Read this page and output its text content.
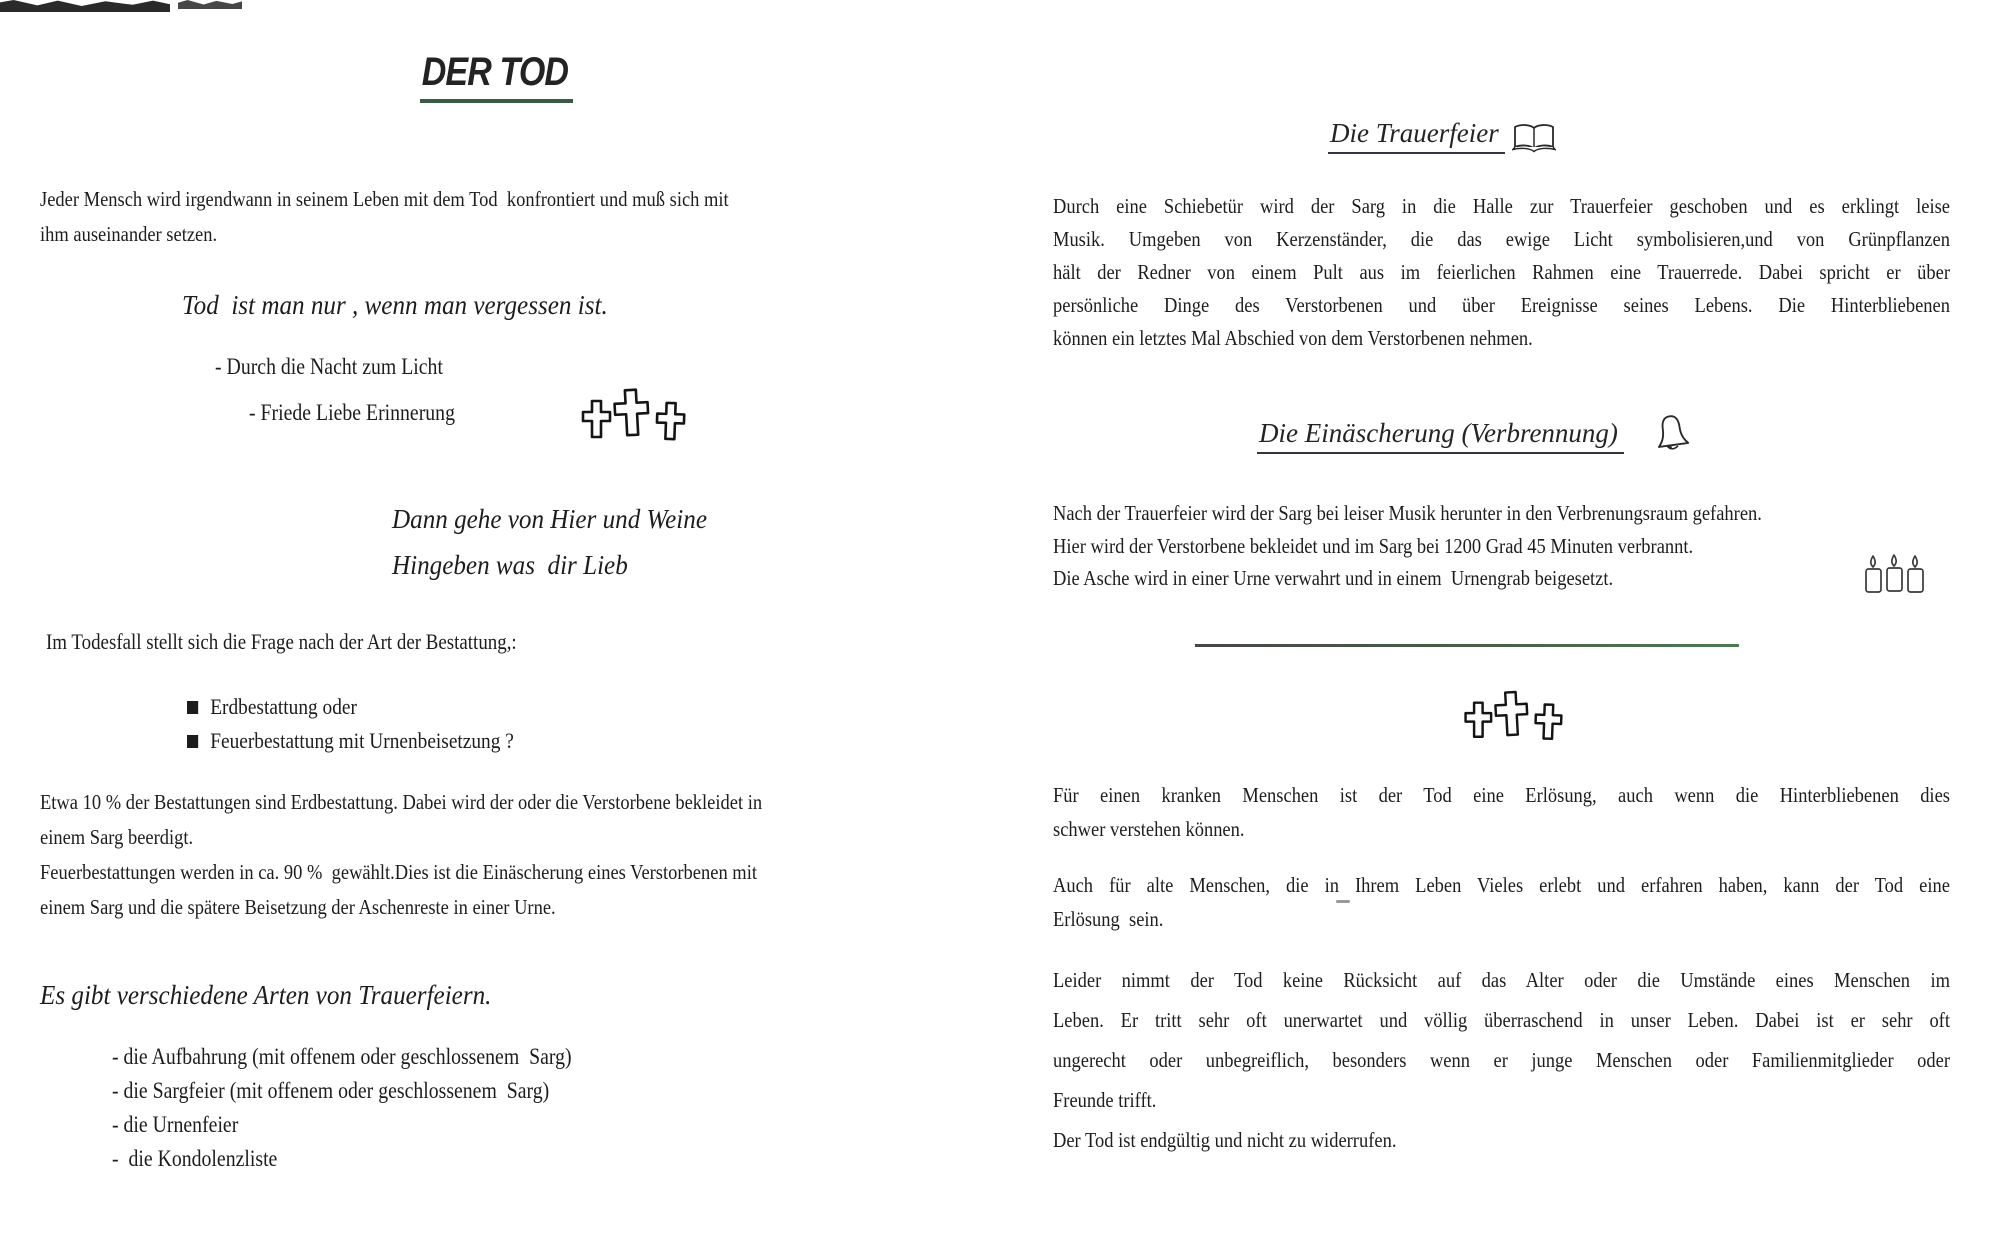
DER TOD
Jeder Mensch wird irgendwann in seinem Leben mit dem Tod  konfrontiert und muß sich mit
ihm auseinander setzen.
Tod  ist man nur , wenn man vergessen ist.
- Durch die Nacht zum Licht
- Friede Liebe Erinnerung
Dann gehe von Hier und Weine
Hingeben was  dir Lieb
Im Todesfall stellt sich die Frage nach der Art der Bestattung,:
Erdbestattung oder
Feuerbestattung mit Urnenbeisetzung ?
Etwa 10 % der Bestattungen sind Erdbestattung. Dabei wird der oder die Verstorbene bekleidet in
einem Sarg beerdigt.
Feuerbestattungen werden in ca. 90 %  gewählt.Dies ist die Einäscherung eines Verstorbenen mit
einem Sarg und die spätere Beisetzung der Aschenreste in einer Urne.
Es gibt verschiedene Arten von Trauerfeiern.
- die Aufbahrung (mit offenem oder geschlossenem  Sarg)
- die Sargfeier (mit offenem oder geschlossenem  Sarg)
- die Urnenfeier
-  die Kondolenzliste
Die Trauerfeier
Durch eine Schiebetür wird der Sarg in die Halle zur Trauerfeier geschoben und es erklingt leise
Musik. Umgeben von Kerzenständer, die das ewige Licht symbolisieren,und von Grünpflanzen
hält der Redner von einem Pult aus im feierlichen Rahmen eine Trauerrede. Dabei spricht er über
persönliche Dinge des Verstorbenen und über Ereignisse seines Lebens. Die Hinterbliebenen
können ein letztes Mal Abschied von dem Verstorbenen nehmen.
Die Einäscherung (Verbrennung)
Nach der Trauerfeier wird der Sarg bei leiser Musik herunter in den Verbrenungsraum gefahren.
Hier wird der Verstorbene bekleidet und im Sarg bei 1200 Grad 45 Minuten verbrannt.
Die Asche wird in einer Urne verwahrt und in einem  Urnengrab beigesetzt.
Für einen kranken Menschen ist der Tod eine Erlösung, auch wenn die Hinterbliebenen dies
schwer verstehen können.
Auch für alte Menschen, die in Ihrem Leben Vieles erlebt und erfahren haben, kann der Tod eine
Erlösung  sein.
Leider nimmt der Tod keine Rücksicht auf das Alter oder die Umstände eines Menschen im
Leben. Er tritt sehr oft unerwartet und völlig überraschend in unser Leben. Dabei ist er sehr oft
ungerecht oder unbegreiflich, besonders wenn er junge Menschen oder Familienmitglieder oder
Freunde trifft.
Der Tod ist endgültig und nicht zu widerrufen.
